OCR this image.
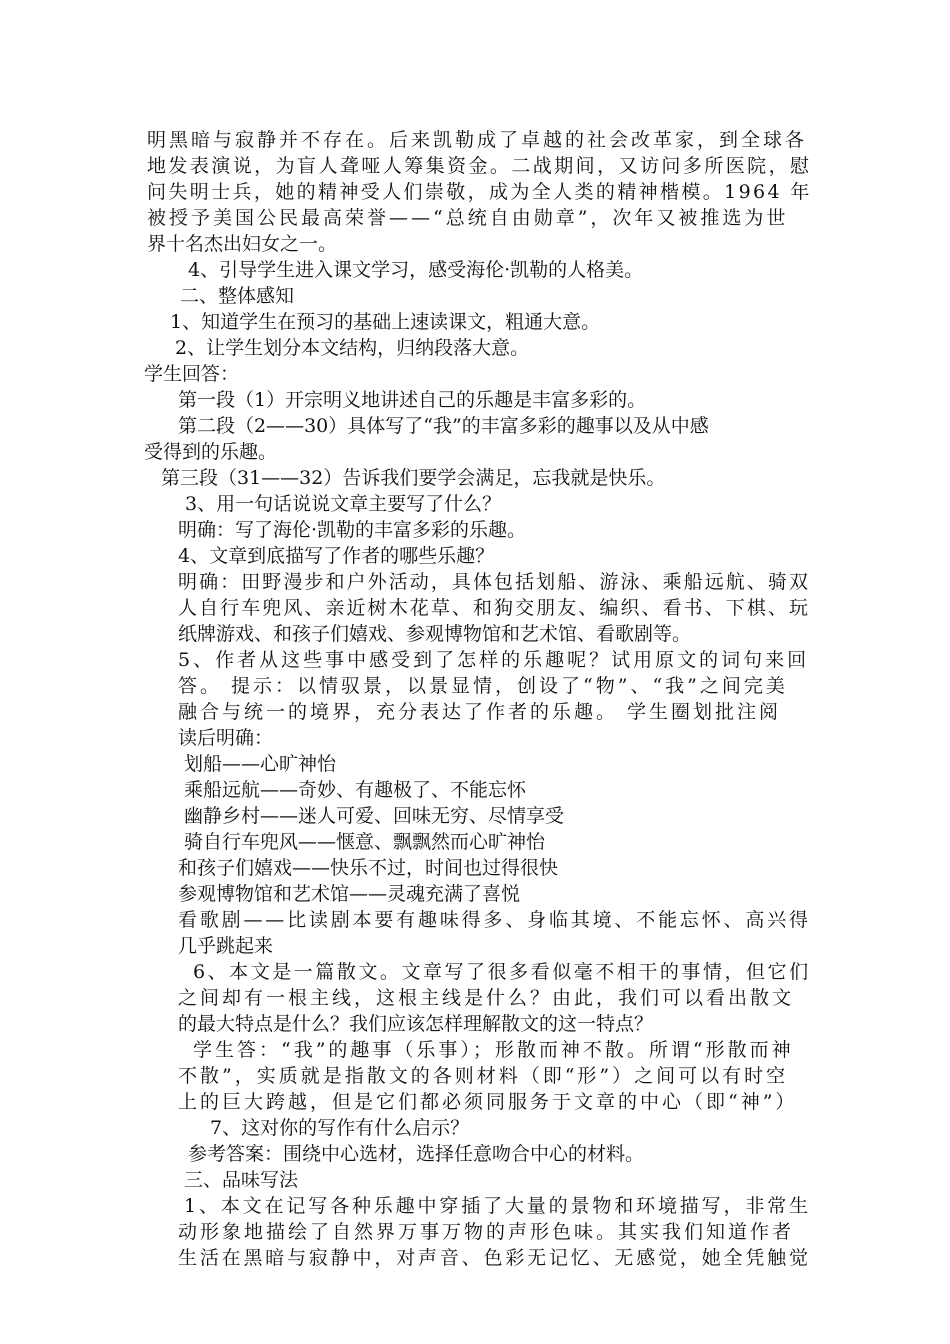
明黑暗与寂静并不存在。后来凯勒成了卓越的社会改革家，到全球各
地发表演说，为盲人聋哑人筹集资金。二战期间，又访问多所医院，慰
问失明士兵，她的精神受人们崇敬，成为全人类的精神楷模。1964 年
被授予美国公民最高荣誉——“总统自由勋章”，次年又被推选为世
界十名杰出妇女之一。
4、引导学生进入课文学习，感受海伦·凯勒的人格美。
二、整体感知
1、知道学生在预习的基础上速读课文，粗通大意。
2、让学生划分本文结构，归纳段落大意。
学生回答：
第一段（1）开宗明义地讲述自己的乐趣是丰富多彩的。
第二段（2——30）具体写了“我”的丰富多彩的趣事以及从中感
受得到的乐趣。
第三段（31——32）告诉我们要学会满足，忘我就是快乐。
3、用一句话说说文章主要写了什么？
明确：写了海伦·凯勒的丰富多彩的乐趣。
4、文章到底描写了作者的哪些乐趣？
明确：田野漫步和户外活动，具体包括划船、游泳、乘船远航、骑双
人自行车兜风、亲近树木花草、和狗交朋友、编织、看书、下棋、玩
纸牌游戏、和孩子们嬉戏、参观博物馆和艺术馆、看歌剧等。
5、作者从这些事中感受到了怎样的乐趣呢？试用原文的词句来回
答。 提示：以情驭景，以景显情，创设了“物”、“我”之间完美
融合与统一的境界，充分表达了作者的乐趣。 学生圈划批注阅
读后明确：
划船——心旷神怡
乘船远航——奇妙、有趣极了、不能忘怀
幽静乡村——迷人可爱、回味无穷、尽情享受
骑自行车兜风——惬意、飘飘然而心旷神怡
和孩子们嬉戏——快乐不过，时间也过得很快
参观博物馆和艺术馆——灵魂充满了喜悦
看歌剧——比读剧本要有趣味得多、身临其境、不能忘怀、高兴得
几乎跳起来
6、本文是一篇散文。文章写了很多看似毫不相干的事情，但它们
之间却有一根主线，这根主线是什么？由此，我们可以看出散文
的最大特点是什么？我们应该怎样理解散文的这一特点？
学生答：“我”的趣事（乐事）；形散而神不散。所谓“形散而神
不散”，实质就是指散文的各则材料（即“形”）之间可以有时空
上的巨大跨越，但是它们都必须同服务于文章的中心（即“神”）
7、这对你的写作有什么启示？
参考答案：围绕中心选材，选择任意吻合中心的材料。
三、品味写法
1、本文在记写各种乐趣中穿插了大量的景物和环境描写，非常生
动形象地描绘了自然界万事万物的声形色味。其实我们知道作者
生活在黑暗与寂静中，对声音、色彩无记忆、无感觉，她全凭触觉
